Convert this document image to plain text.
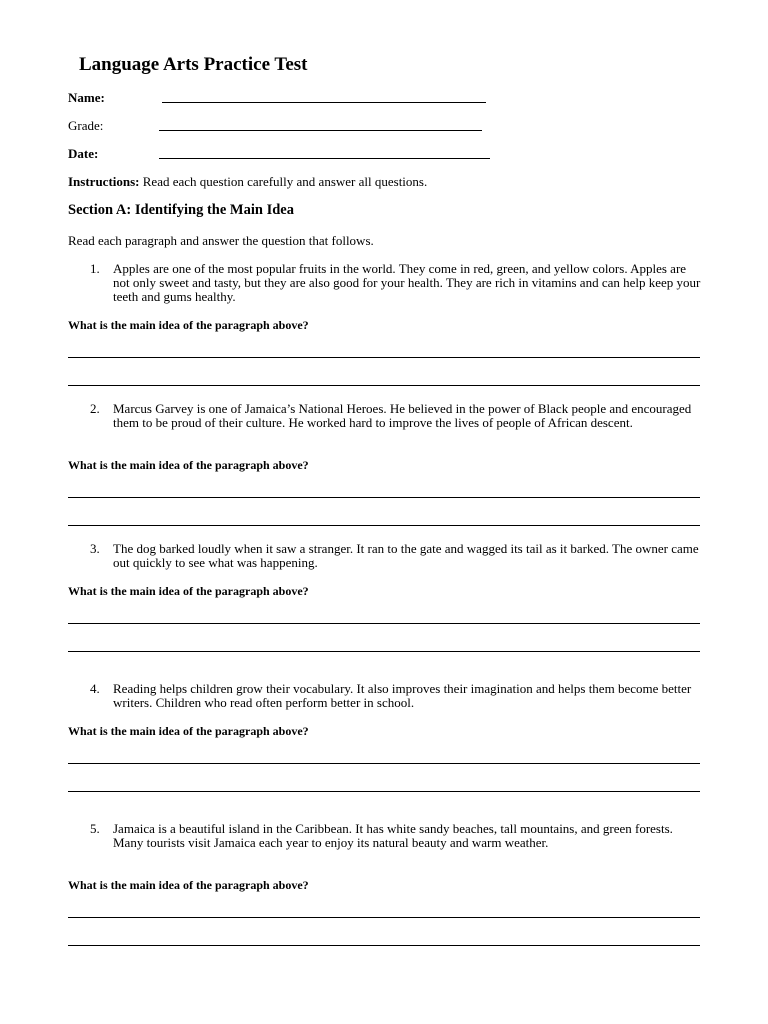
Language Arts Practice Test
Name:
Grade:
Date:
Instructions: Read each question carefully and answer all questions.
Section A: Identifying the Main Idea
Read each paragraph and answer the question that follows.
1. Apples are one of the most popular fruits in the world. They come in red, green, and yellow colors. Apples are not only sweet and tasty, but they are also good for your health. They are rich in vitamins and can help keep your teeth and gums healthy.
What is the main idea of the paragraph above?
2. Marcus Garvey is one of Jamaica’s National Heroes. He believed in the power of Black people and encouraged them to be proud of their culture. He worked hard to improve the lives of people of African descent.
What is the main idea of the paragraph above?
3. The dog barked loudly when it saw a stranger. It ran to the gate and wagged its tail as it barked. The owner came out quickly to see what was happening.
What is the main idea of the paragraph above?
4. Reading helps children grow their vocabulary. It also improves their imagination and helps them become better writers. Children who read often perform better in school.
What is the main idea of the paragraph above?
5. Jamaica is a beautiful island in the Caribbean. It has white sandy beaches, tall mountains, and green forests. Many tourists visit Jamaica each year to enjoy its natural beauty and warm weather.
What is the main idea of the paragraph above?
